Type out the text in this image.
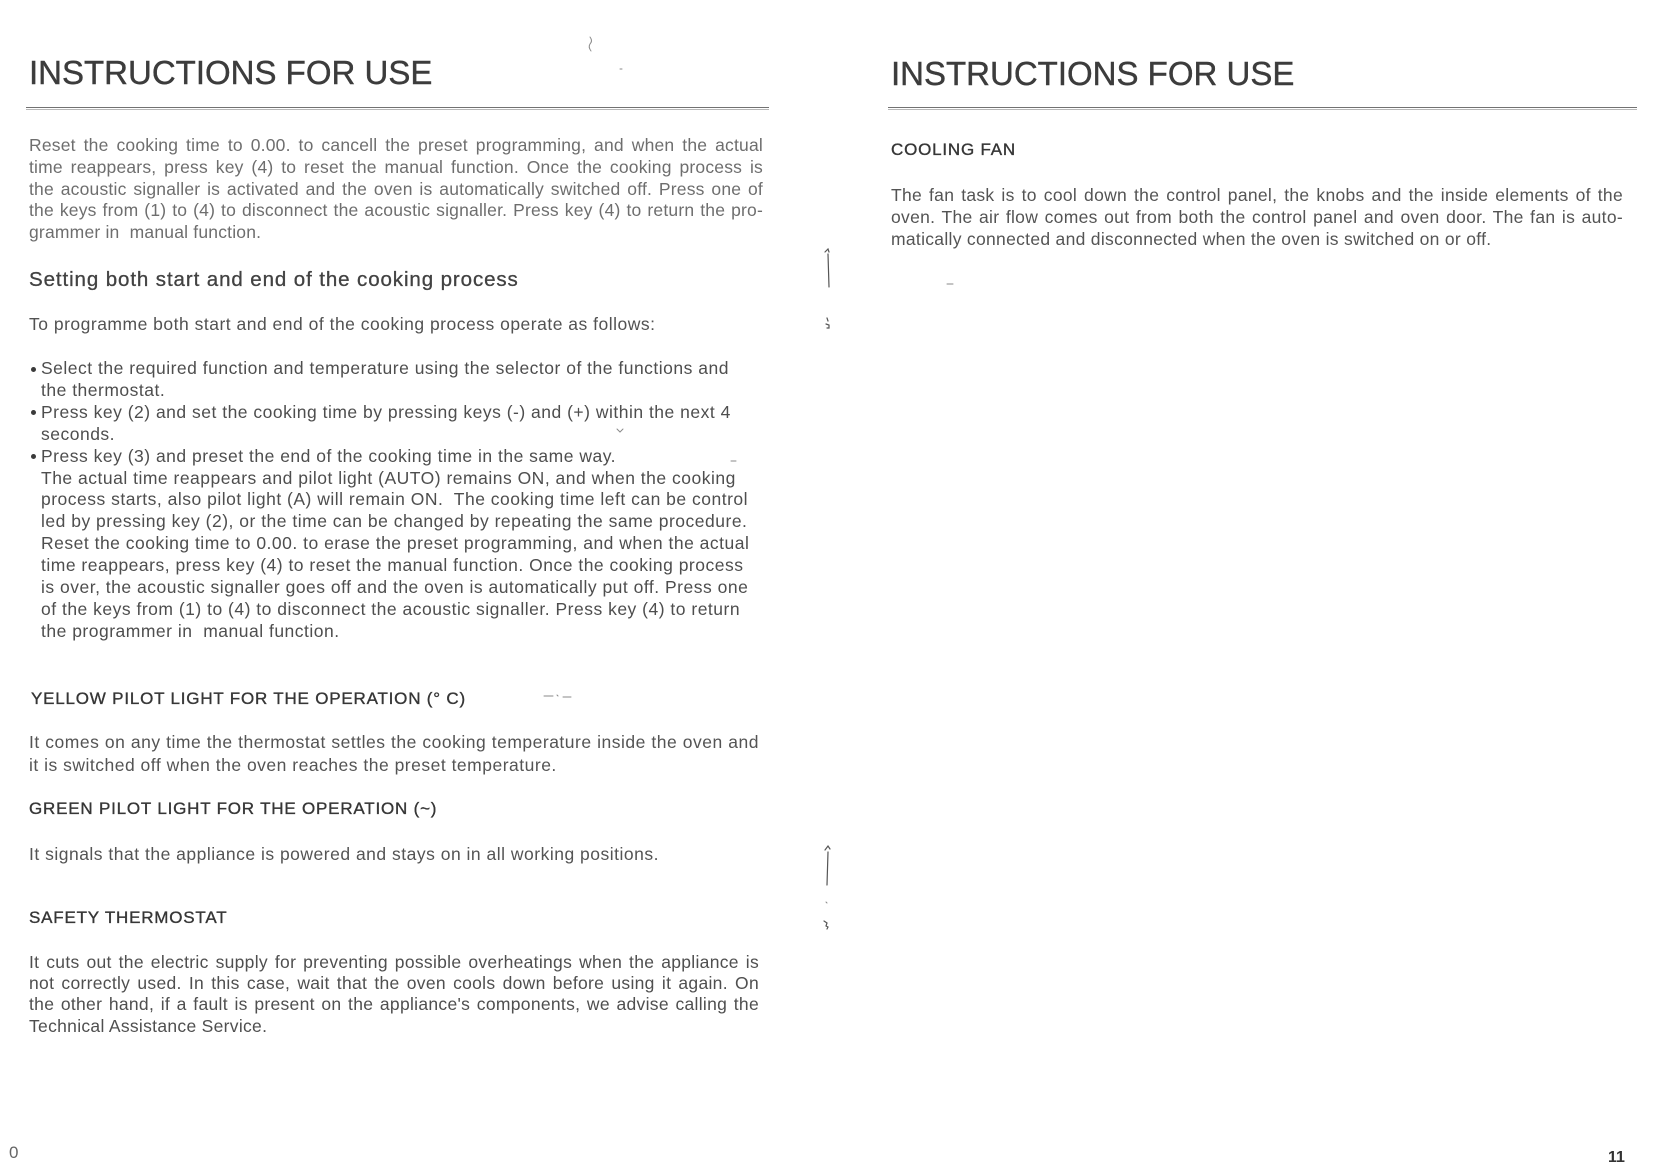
INSTRUCTIONS FOR USE
Reset the cooking time to 0.00. to cancell the preset programming, and when the actual
time reappears, press key (4) to reset the manual function. Once the cooking process is
the acoustic signaller is activated and the oven is automatically switched off. Press one of
the keys from (1) to (4) to disconnect the acoustic signaller. Press key (4) to return the pro-
grammer in  manual function.
Setting both start and end of the cooking process
To programme both start and end of the cooking process operate as follows:
Select the required function and temperature using the selector of the functions and
the thermostat.
Press key (2) and set the cooking time by pressing keys (-) and (+) within the next 4
seconds.
Press key (3) and preset the end of the cooking time in the same way.
The actual time reappears and pilot light (AUTO) remains ON, and when the cooking
process starts, also pilot light (A) will remain ON.  The cooking time left can be control
led by pressing key (2), or the time can be changed by repeating the same procedure.
Reset the cooking time to 0.00. to erase the preset programming, and when the actual
time reappears, press key (4) to reset the manual function. Once the cooking process
is over, the acoustic signaller goes off and the oven is automatically put off. Press one
of the keys from (1) to (4) to disconnect the acoustic signaller. Press key (4) to return
the programmer in  manual function.
YELLOW PILOT LIGHT FOR THE OPERATION (° C)
It comes on any time the thermostat settles the cooking temperature inside the oven and
it is switched off when the oven reaches the preset temperature.
GREEN PILOT LIGHT FOR THE OPERATION (~)
It signals that the appliance is powered and stays on in all working positions.
SAFETY THERMOSTAT
It cuts out the electric supply for preventing possible overheatings when the appliance is
not correctly used. In this case, wait that the oven cools down before using it again. On
the other hand, if a fault is present on the appliance's components, we advise calling the
Technical Assistance Service.
0
INSTRUCTIONS FOR USE
COOLING FAN
The fan task is to cool down the control panel, the knobs and the inside elements of the
oven. The air flow comes out from both the control panel and oven door. The fan is auto-
matically connected and disconnected when the oven is switched on or off.
11
